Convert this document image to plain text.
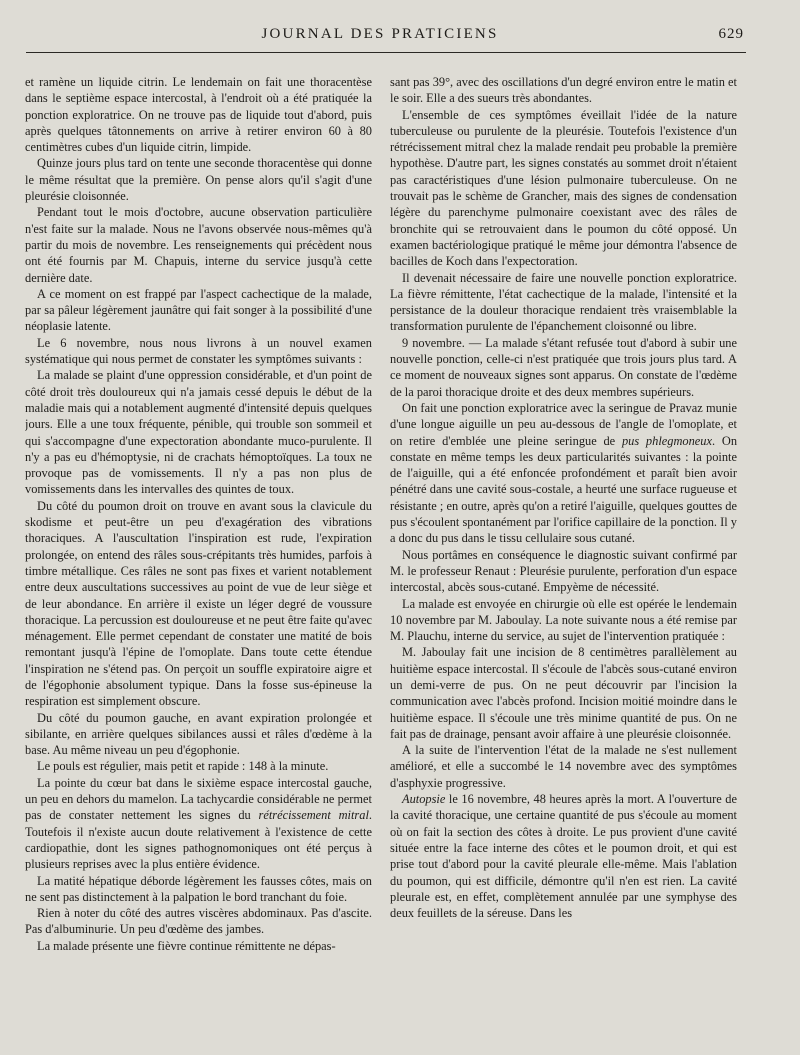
JOURNAL DES PRATICIENS	629

et ramène un liquide citrin. Le lendemain on fait une thoracentèse dans le septième espace intercostal, à l'endroit où a été pratiquée la ponction exploratrice. On ne trouve pas de liquide tout d'abord, puis après quelques tâtonnements on arrive à retirer environ 60 à 80 centimètres cubes d'un liquide citrin, limpide.

Quinze jours plus tard on tente une seconde thoracentèse qui donne le même résultat que la première. On pense alors qu'il s'agit d'une pleurésie cloisonnée.

Pendant tout le mois d'octobre, aucune observation particulière n'est faite sur la malade. Nous ne l'avons observée nous-mêmes qu'à partir du mois de novembre. Les renseignements qui précèdent nous ont été fournis par M. Chapuis, interne du service jusqu'à cette dernière date.

A ce moment on est frappé par l'aspect cachectique de la malade, par sa pâleur légèrement jaunâtre qui fait songer à la possibilité d'une néoplasie latente.

Le 6 novembre, nous nous livrons à un nouvel examen systématique qui nous permet de constater les symptômes suivants :

La malade se plaint d'une oppression considérable, et d'un point de côté droit très douloureux qui n'a jamais cessé depuis le début de la maladie mais qui a notablement augmenté d'intensité depuis quelques jours. Elle a une toux fréquente, pénible, qui trouble son sommeil et qui s'accompagne d'une expectoration abondante muco-purulente. Il n'y a pas eu d'hémoptysie, ni de crachats hémoptoïques. La toux ne provoque pas de vomissements. Il n'y a pas non plus de vomissements dans les intervalles des quintes de toux.

Du côté du poumon droit on trouve en avant sous la clavicule du skodisme et peut-être un peu d'exagération des vibrations thoraciques. A l'auscultation l'inspiration est rude, l'expiration prolongée, on entend des râles sous-crépitants très humides, parfois à timbre métallique. Ces râles ne sont pas fixes et varient notablement entre deux auscultations successives au point de vue de leur siège et de leur abondance. En arrière il existe un léger degré de voussure thoracique. La percussion est douloureuse et ne peut être faite qu'avec ménagement. Elle permet cependant de constater une matité de bois remontant jusqu'à l'épine de l'omoplate. Dans toute cette étendue l'inspiration ne s'étend pas. On perçoit un souffle expiratoire aigre et de l'égophonie absolument typique. Dans la fosse sus-épineuse la respiration est simplement obscure.

Du côté du poumon gauche, en avant expiration prolongée et sibilante, en arrière quelques sibilances aussi et râles d'œdème à la base. Au même niveau un peu d'égophonie.

Le pouls est régulier, mais petit et rapide : 148 à la minute.

La pointe du cœur bat dans le sixième espace intercostal gauche, un peu en dehors du mamelon. La tachycardie considérable ne permet pas de constater nettement les signes du rétrécissement mitral. Toutefois il n'existe aucun doute relativement à l'existence de cette cardiopathie, dont les signes pathognomoniques ont été perçus à plusieurs reprises avec la plus entière évidence.

La matité hépatique déborde légèrement les fausses côtes, mais on ne sent pas distinctement à la palpation le bord tranchant du foie.

Rien à noter du côté des autres viscères abdominaux. Pas d'ascite. Pas d'albuminurie. Un peu d'œdème des jambes.

La malade présente une fièvre continue rémittente ne dépas-

sant pas 39°, avec des oscillations d'un degré environ entre le matin et le soir. Elle a des sueurs très abondantes.

L'ensemble de ces symptômes éveillait l'idée de la nature tuberculeuse ou purulente de la pleurésie. Toutefois l'existence d'un rétrécissement mitral chez la malade rendait peu probable la première hypothèse. D'autre part, les signes constatés au sommet droit n'étaient pas caractéristiques d'une lésion pulmonaire tuberculeuse. On ne trouvait pas le schème de Grancher, mais des signes de condensation légère du parenchyme pulmonaire coexistant avec des râles de bronchite qui se retrouvaient dans le poumon du côté opposé. Un examen bactériologique pratiqué le même jour démontra l'absence de bacilles de Koch dans l'expectoration.

Il devenait nécessaire de faire une nouvelle ponction exploratrice. La fièvre rémittente, l'état cachectique de la malade, l'intensité et la persistance de la douleur thoracique rendaient très vraisemblable la transformation purulente de l'épanchement cloisonné ou libre.

9 novembre. — La malade s'étant refusée tout d'abord à subir une nouvelle ponction, celle-ci n'est pratiquée que trois jours plus tard. A ce moment de nouveaux signes sont apparus. On constate de l'œdème de la paroi thoracique droite et des deux membres supérieurs.

On fait une ponction exploratrice avec la seringue de Pravaz munie d'une longue aiguille un peu au-dessous de l'angle de l'omoplate, et on retire d'emblée une pleine seringue de pus phlegmoneux. On constate en même temps les deux particularités suivantes : la pointe de l'aiguille, qui a été enfoncée profondément et paraît bien avoir pénétré dans une cavité sous-costale, a heurté une surface rugueuse et résistante ; en outre, après qu'on a retiré l'aiguille, quelques gouttes de pus s'écoulent spontanément par l'orifice capillaire de la ponction. Il y a donc du pus dans le tissu cellulaire sous cutané.

Nous portâmes en conséquence le diagnostic suivant confirmé par M. le professeur Renaut : Pleurésie purulente, perforation d'un espace intercostal, abcès sous-cutané. Empyème de nécessité.

La malade est envoyée en chirurgie où elle est opérée le lendemain 10 novembre par M. Jaboulay. La note suivante nous a été remise par M. Plauchu, interne du service, au sujet de l'intervention pratiquée :

M. Jaboulay fait une incision de 8 centimètres parallèlement au huitième espace intercostal. Il s'écoule de l'abcès sous-cutané environ un demi-verre de pus. On ne peut découvrir par l'incision la communication avec l'abcès profond. Incision moitié moindre dans le huitième espace. Il s'écoule une très minime quantité de pus. On ne fait pas de drainage, pensant avoir affaire à une pleurésie cloisonnée.

A la suite de l'intervention l'état de la malade ne s'est nullement amélioré, et elle a succombé le 14 novembre avec des symptômes d'asphyxie progressive.

Autopsie le 16 novembre, 48 heures après la mort. A l'ouverture de la cavité thoracique, une certaine quantité de pus s'écoule au moment où on fait la section des côtes à droite. Le pus provient d'une cavité située entre la face interne des côtes et le poumon droit, et qui est prise tout d'abord pour la cavité pleurale elle-même. Mais l'ablation du poumon, qui est difficile, démontre qu'il n'en est rien. La cavité pleurale est, en effet, complètement annulée par une symphyse des deux feuillets de la séreuse. Dans les
